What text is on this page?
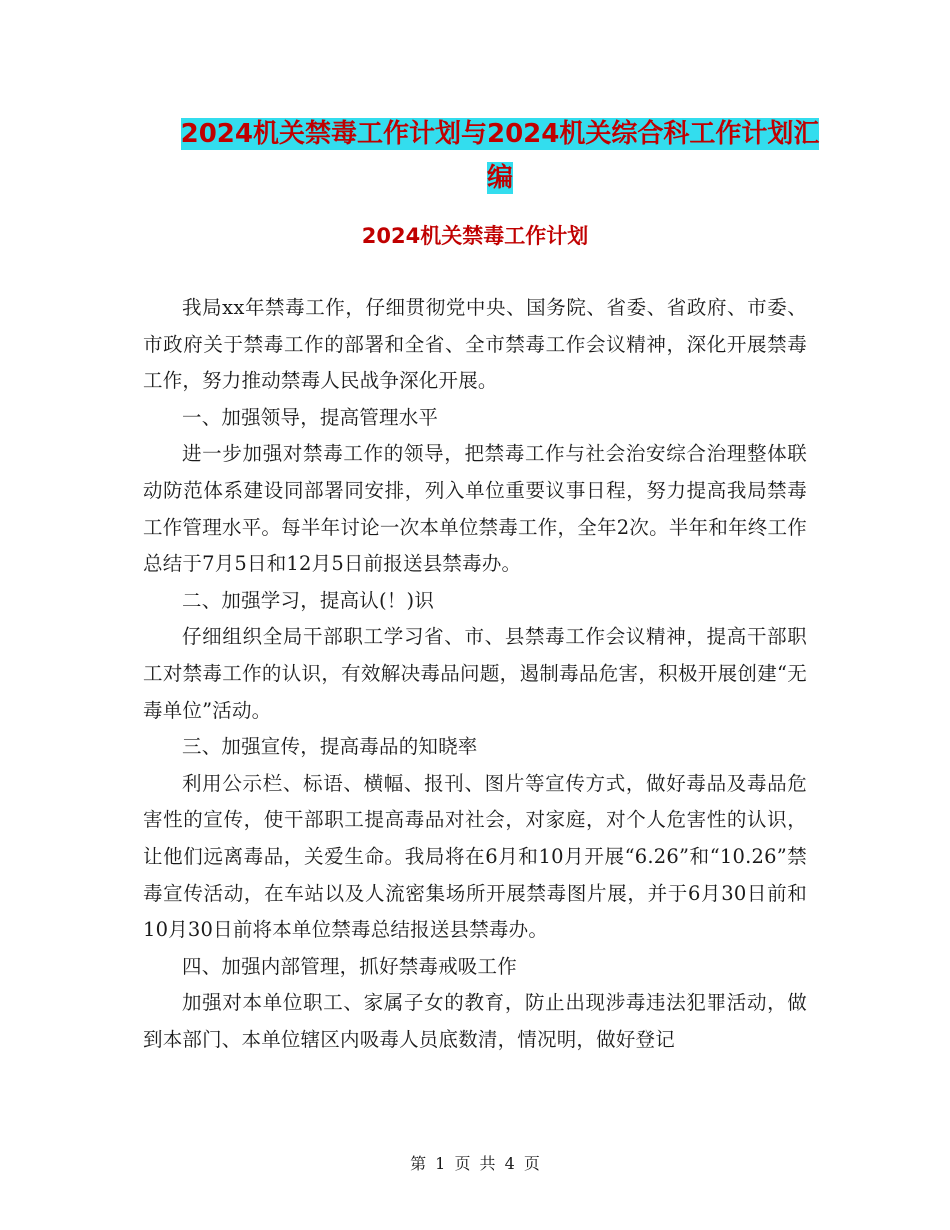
2024机关禁毒工作计划与2024机关综合科工作计划汇
编
2024机关禁毒工作计划

我局xx年禁毒工作，仔细贯彻党中央、国务院、省委、省政府、市委、市政府关于禁毒工作的部署和全省、全市禁毒工作会议精神，深化开展禁毒工作，努力推动禁毒人民战争深化开展。

一、加强领导，提高管理水平

进一步加强对禁毒工作的领导，把禁毒工作与社会治安综合治理整体联动防范体系建设同部署同安排，列入单位重要议事日程，努力提高我局禁毒工作管理水平。每半年讨论一次本单位禁毒工作，全年2次。半年和年终工作总结于7月5日和12月5日前报送县禁毒办。

二、加强学习，提高认(！)识

仔细组织全局干部职工学习省、市、县禁毒工作会议精神，提高干部职工对禁毒工作的认识，有效解决毒品问题，遏制毒品危害，积极开展创建“无毒单位”活动。

三、加强宣传，提高毒品的知晓率

利用公示栏、标语、横幅、报刊、图片等宣传方式，做好毒品及毒品危害性的宣传，使干部职工提高毒品对社会，对家庭，对个人危害性的认识，让他们远离毒品，关爱生命。我局将在6月和10月开展“6.26”和“10.26”禁毒宣传活动，在车站以及人流密集场所开展禁毒图片展，并于6月30日前和10月30日前将本单位禁毒总结报送县禁毒办。

四、加强内部管理，抓好禁毒戒吸工作

加强对本单位职工、家属子女的教育，防止出现涉毒违法犯罪活动，做到本部门、本单位辖区内吸毒人员底数清，情况明，做好登记

第 1 页 共 4 页
